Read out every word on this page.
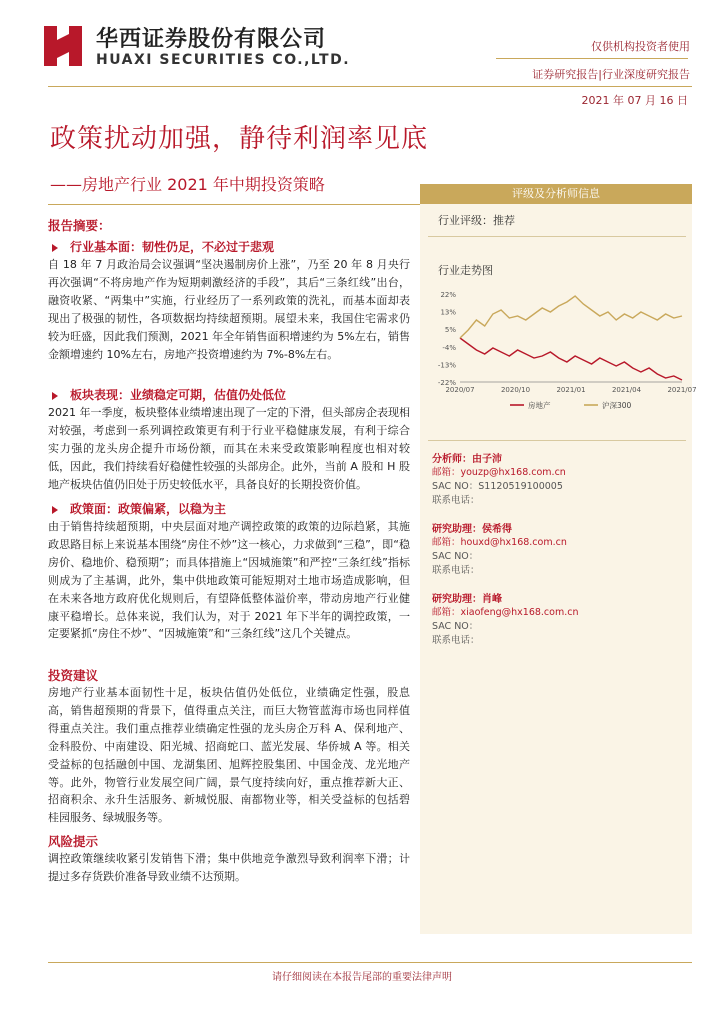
华西证券股份有限公司
HUAXI SECURITIES CO.,LTD.
仅供机构投资者使用
证券研究报告|行业深度研究报告
2021 年 07 月 16 日
政策扰动加强，静待利润率见底
——房地产行业 2021 年中期投资策略	评级及分析师信息
行业评级：推荐
行业走势图
22%
13%
5%
-4%
-13%
-22%
2020/07	2020/10	2021/01	2021/04	2021/07
房地产	沪深300
分析师：由子沛
邮箱：youzp@hx168.com.cn
SAC NO：S1120519100005
联系电话：
研究助理：侯希得
邮箱：houxd@hx168.com.cn
SAC NO：
联系电话：
研究助理：肖峰
邮箱：xiaofeng@hx168.com.cn
SAC NO：
联系电话：
报告摘要：
行业基本面：韧性仍足，不必过于悲观
自 18 年 7 月政治局会议强调“坚决遏制房价上涨”，乃至 20 年 8 月央行再次强调“不将房地产作为短期刺激经济的手段”，其后“三条红线”出台，融资收紧、“两集中”实施，行业经历了一系列政策的洗礼，而基本面却表现出了极强的韧性，各项数据均持续超预期。展望未来，我国住宅需求仍较为旺盛，因此我们预测，2021 年全年销售面积增速约为 5%左右，销售金额增速约 10%左右，房地产投资增速约为 7%-8%左右。
板块表现：业绩稳定可期，估值仍处低位
2021 年一季度，板块整体业绩增速出现了一定的下滑，但头部房企表现相对较强，考虑到一系列调控政策更有利于行业平稳健康发展，有利于综合实力强的龙头房企提升市场份额，而其在未来受政策影响程度也相对较低，因此，我们持续看好稳健性较强的头部房企。此外，当前 A 股和 H 股地产板块估值仍旧处于历史较低水平，具备良好的长期投资价值。
政策面：政策偏紧，以稳为主
由于销售持续超预期，中央层面对地产调控政策的政策的边际趋紧，其施政思路目标上来说基本围绕“房住不炒”这一核心，力求做到“三稳”，即“稳房价、稳地价、稳预期”；而具体措施上“因城施策”和严控“三条红线”指标则成为了主基调，此外，集中供地政策可能短期对土地市场造成影响，但在未来各地方政府优化规则后，有望降低整体溢价率，带动房地产行业健康平稳增长。总体来说，我们认为，对于 2021 年下半年的调控政策，一定要紧抓“房住不炒”、“因城施策”和“三条红线”这几个关键点。
投资建议
房地产行业基本面韧性十足，板块估值仍处低位，业绩确定性强，股息高，销售超预期的背景下，值得重点关注，而巨大物管蓝海市场也同样值得重点关注。我们重点推荐业绩确定性强的龙头房企万科 A、保利地产、金科股份、中南建设、阳光城、招商蛇口、蓝光发展、华侨城 A 等。相关受益标的包括融创中国、龙湖集团、旭辉控股集团、中国金茂、龙光地产等。此外，物管行业发展空间广阔，景气度持续向好，重点推荐新大正、招商积余、永升生活服务、新城悦服、南都物业等，相关受益标的包括碧桂园服务、绿城服务等。
风险提示
调控政策继续收紧引发销售下滑；集中供地竞争激烈导致利润率下滑；计提过多存货跌价准备导致业绩不达预期。
请仔细阅读在本报告尾部的重要法律声明
